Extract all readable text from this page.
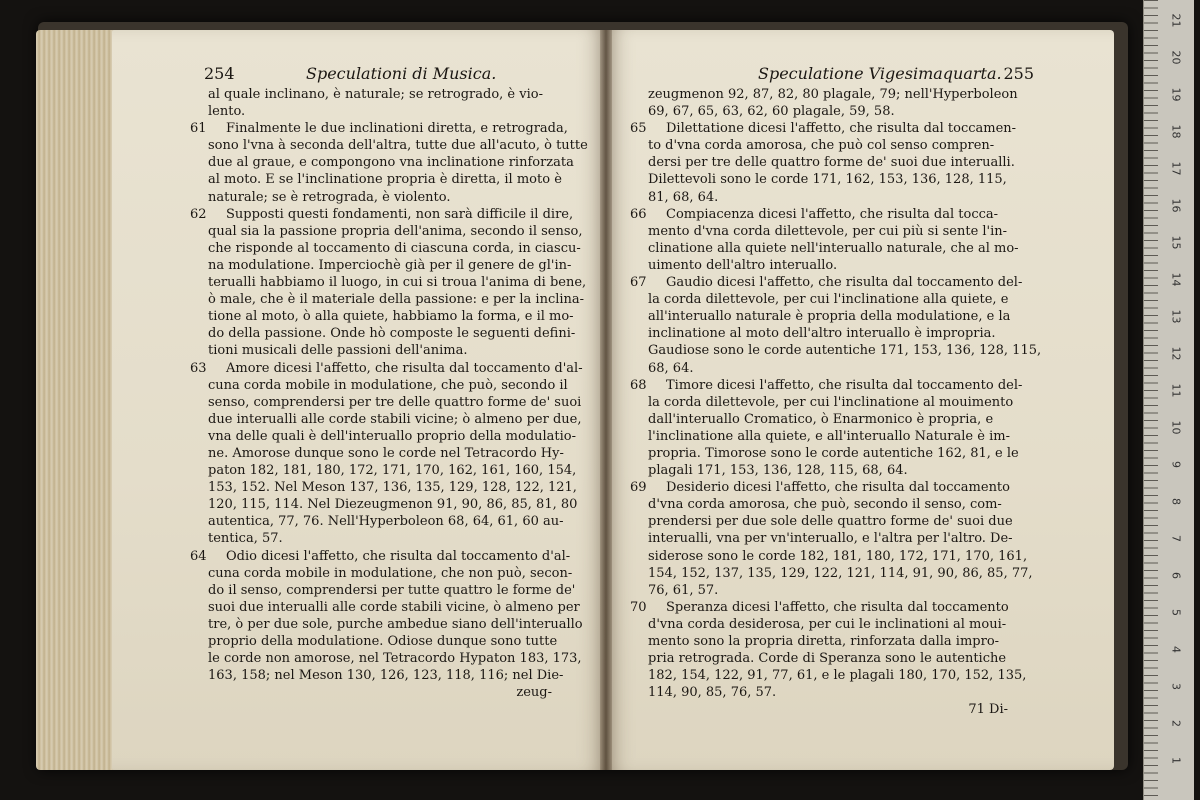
254	Speculationi di Musica.
al quale inclinano, è naturale; se retrogrado, è vio-
lento.
61 Finalmente le due inclinationi diretta, e retrograda,
sono l'vna à seconda dell'altra, tutte due all'acuto, ò tutte
due al graue, e compongono vna inclinatione rinforzata
al moto. E se l'inclinatione propria è diretta, il moto è
naturale; se è retrograda, è violento.
62 Supposti questi fondamenti, non sarà difficile il dire,
qual sia la passione propria dell'anima, secondo il senso,
che risponde al toccamento di ciascuna corda, in ciascu-
na modulatione. Imperciochè già per il genere de gl'in-
terualli habbiamo il luogo, in cui si troua l'anima di bene,
ò male, che è il materiale della passione: e per la inclina-
tione al moto, ò alla quiete, habbiamo la forma, e il mo-
do della passione. Onde hò composte le seguenti defini-
tioni musicali delle passioni dell'anima.
63 Amore dicesi l'affetto, che risulta dal toccamento d'al-
cuna corda mobile in modulatione, che può, secondo il
senso, comprendersi per tre delle quattro forme de' suoi
due interualli alle corde stabili vicine; ò almeno per due,
vna delle quali è dell'interuallo proprio della modulatio-
ne. Amorose dunque sono le corde nel Tetracordo Hy-
paton 182, 181, 180, 172, 171, 170, 162, 161, 160, 154,
153, 152. Nel Meson 137, 136, 135, 129, 128, 122, 121,
120, 115, 114. Nel Diezeugmenon 91, 90, 86, 85, 81, 80
autentica, 77, 76. Nell'Hyperboleon 68, 64, 61, 60 au-
tentica, 57.
64 Odio dicesi l'affetto, che risulta dal toccamento d'al-
cuna corda mobile in modulatione, che non può, secon-
do il senso, comprendersi per tutte quattro le forme de'
suoi due interualli alle corde stabili vicine, ò almeno per
tre, ò per due sole, purche ambedue siano dell'interuallo
proprio della modulatione. Odiose dunque sono tutte
le corde non amorose, nel Tetracordo Hypaton 183, 173,
163, 158; nel Meson 130, 126, 123, 118, 116; nel Die-
zeug-
Speculatione Vigesimaquarta. 255
zeugmenon 92, 87, 82, 80 plagale, 79; nell'Hyperboleon
69, 67, 65, 63, 62, 60 plagale, 59, 58.
65 Dilettatione dicesi l'affetto, che risulta dal toccamen-
to d'vna corda amorosa, che può col senso compren-
dersi per tre delle quattro forme de' suoi due interualli.
Dilettevoli sono le corde 171, 162, 153, 136, 128, 115,
81, 68, 64.
66 Compiacenza dicesi l'affetto, che risulta dal tocca-
mento d'vna corda dilettevole, per cui più si sente l'in-
clinatione alla quiete nell'interuallo naturale, che al mo-
uimento dell'altro interuallo.
67 Gaudio dicesi l'affetto, che risulta dal toccamento del-
la corda dilettevole, per cui l'inclinatione alla quiete, e
all'interuallo naturale è propria della modulatione, e la
inclinatione al moto dell'altro interuallo è impropria.
Gaudiose sono le corde autentiche 171, 153, 136, 128, 115,
68, 64.
68 Timore dicesi l'affetto, che risulta dal toccamento del-
la corda dilettevole, per cui l'inclinatione al mouimento
dall'interuallo Cromatico, ò Enarmonico è propria, e
l'inclinatione alla quiete, e all'interuallo Naturale è im-
propria. Timorose sono le corde autentiche 162, 81, e le
plagali 171, 153, 136, 128, 115, 68, 64.
69 Desiderio dicesi l'affetto, che risulta dal toccamento
d'vna corda amorosa, che può, secondo il senso, com-
prendersi per due sole delle quattro forme de' suoi due
interualli, vna per vn'interuallo, e l'altra per l'altro. De-
siderose sono le corde 182, 181, 180, 172, 171, 170, 161,
154, 152, 137, 135, 129, 122, 121, 114, 91, 90, 86, 85, 77,
76, 61, 57.
70 Speranza dicesi l'affetto, che risulta dal toccamento
d'vna corda desiderosa, per cui le inclinationi al moui-
mento sono la propria diretta, rinforzata dalla impro-
pria retrograda. Corde di Speranza sono le autentiche
182, 154, 122, 91, 77, 61, e le plagali 180, 170, 152, 135,
114, 90, 85, 76, 57.
71 Di-
21
20
19
18
17
16
15
14
13
12
11
10
9
8
7
6
5
4
3
2
1
